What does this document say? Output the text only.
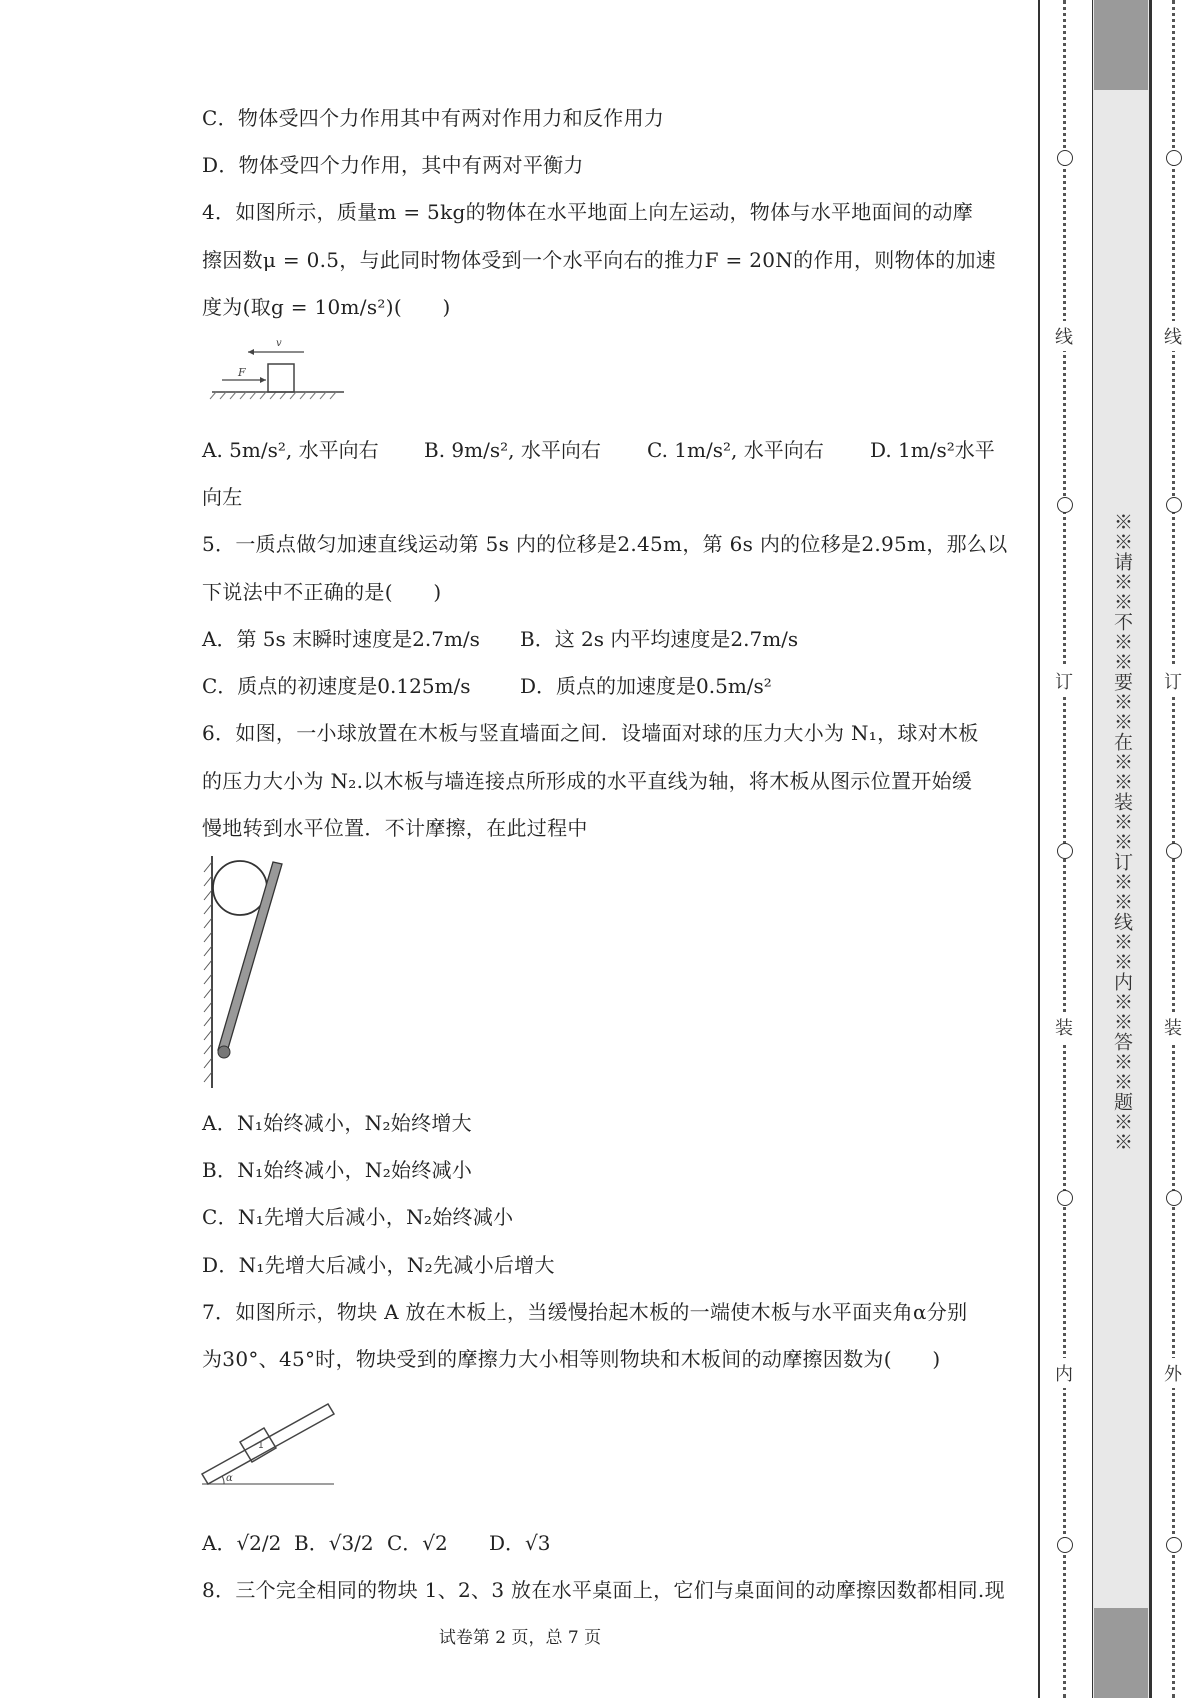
C．物体受四个力作用其中有两对作用力和反作用力
D．物体受四个力作用，其中有两对平衡力
4．如图所示，质量m = 5kg的物体在水平地面上向左运动，物体与水平地面间的动摩
擦因数μ = 0.5，与此同时物体受到一个水平向右的推力F = 20N的作用，则物体的加速
度为(取g = 10m/s²)(　　)
v
F
A. 5m/s², 水平向右 B. 9m/s², 水平向右 C. 1m/s², 水平向右 D. 1m/s²水平
向左
5．一质点做匀加速直线运动第 5s 内的位移是2.45m，第 6s 内的位移是2.95m，那么以
下说法中不正确的是(　　)
A．第 5s 末瞬时速度是2.7m/s B．这 2s 内平均速度是2.7m/s
C．质点的初速度是0.125m/s D．质点的加速度是0.5m/s²
6．如图，一小球放置在木板与竖直墙面之间．设墙面对球的压力大小为 N₁，球对木板
的压力大小为 N₂.以木板与墙连接点所形成的水平直线为轴，将木板从图示位置开始缓
慢地转到水平位置．不计摩擦，在此过程中
A．N₁始终减小，N₂始终增大
B．N₁始终减小，N₂始终减小
C．N₁先增大后减小，N₂始终减小
D．N₁先增大后减小，N₂先减小后增大
7．如图所示，物块 A 放在木板上，当缓慢抬起木板的一端使木板与水平面夹角α分别
为30°、45°时，物块受到的摩擦力大小相等则物块和木板间的动摩擦因数为(　　)
1
α
A．√2/2 B．√3/2 C．√2 D．√3
8．三个完全相同的物块 1、2、3 放在水平桌面上，它们与桌面间的动摩擦因数都相同.现
试卷第 2 页，总 7 页
※※请※※不※※要※※在※※装※※订※※线※※内※※答※※题※※
线
订
装
内
线
订
装
外
